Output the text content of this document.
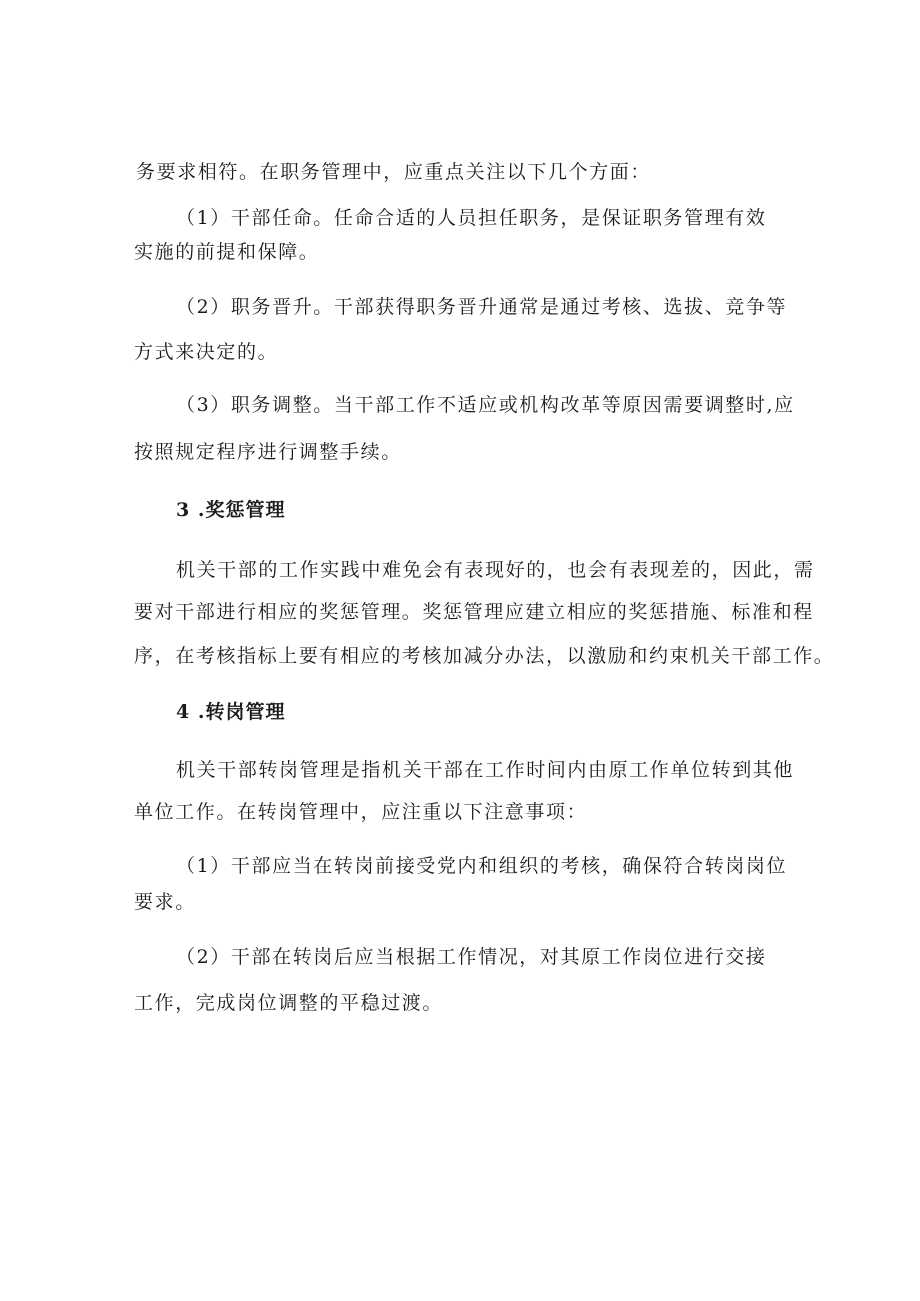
务要求相符。在职务管理中，应重点关注以下几个方面：
（1）干部任命。任命合适的人员担任职务，是保证职务管理有效
实施的前提和保障。
（2）职务晋升。干部获得职务晋升通常是通过考核、选拔、竞争等
方式来决定的。
（3）职务调整。当干部工作不适应或机构改革等原因需要调整时,应
按照规定程序进行调整手续。
3 .奖惩管理
机关干部的工作实践中难免会有表现好的，也会有表现差的，因此，需
要对干部进行相应的奖惩管理。奖惩管理应建立相应的奖惩措施、标准和程
序，在考核指标上要有相应的考核加减分办法，以激励和约束机关干部工作。
4 .转岗管理
机关干部转岗管理是指机关干部在工作时间内由原工作单位转到其他
单位工作。在转岗管理中，应注重以下注意事项：
（1）干部应当在转岗前接受党内和组织的考核，确保符合转岗岗位
要求。
（2）干部在转岗后应当根据工作情况，对其原工作岗位进行交接
工作，完成岗位调整的平稳过渡。
